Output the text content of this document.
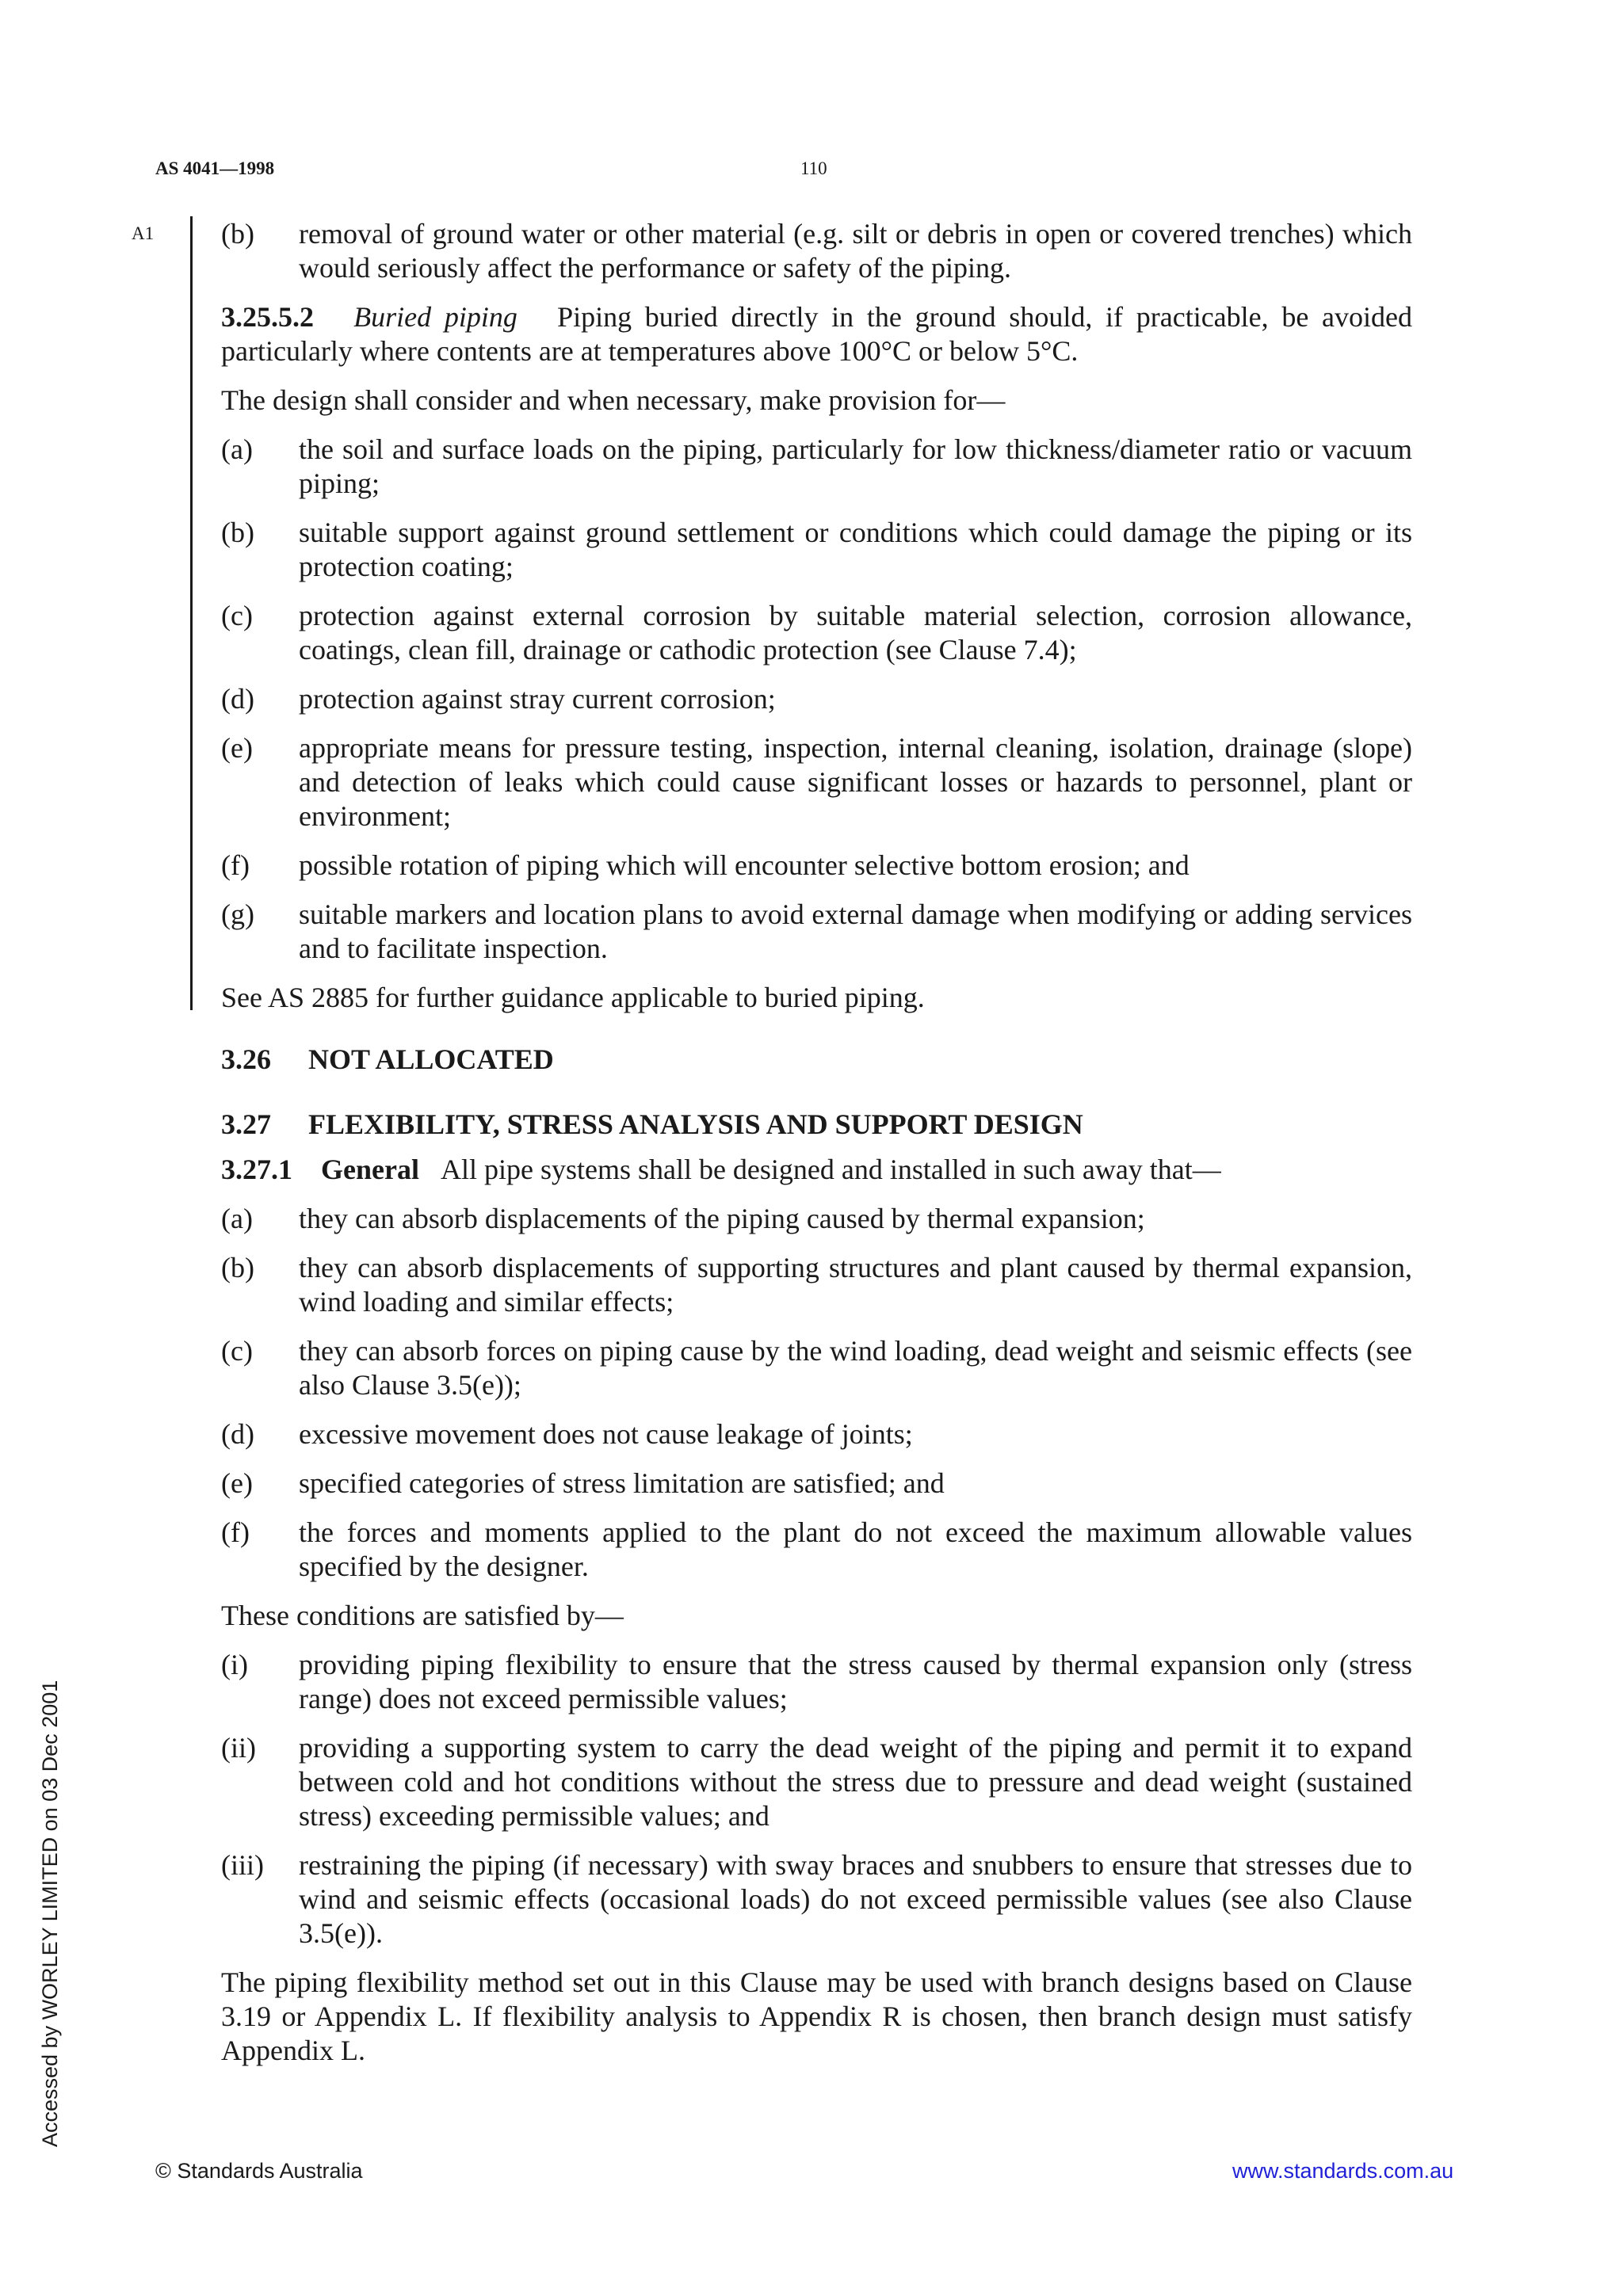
AS 4041—1998	110
A1 (b)	removal of ground water or other material (e.g. silt or debris in open or covered trenches) which would seriously affect the performance or safety of the piping.

3.25.5.2 Buried piping Piping buried directly in the ground should, if practicable, be avoided particularly where contents are at temperatures above 100°C or below 5°C.

The design shall consider and when necessary, make provision for—

(a)	the soil and surface loads on the piping, particularly for low thickness/diameter ratio or vacuum piping;
(b)	suitable support against ground settlement or conditions which could damage the piping or its protection coating;
(c)	protection against external corrosion by suitable material selection, corrosion allowance, coatings, clean fill, drainage or cathodic protection (see Clause 7.4);
(d)	protection against stray current corrosion;
(e)	appropriate means for pressure testing, inspection, internal cleaning, isolation, drainage (slope) and detection of leaks which could cause significant losses or hazards to personnel, plant or environment;
(f)	possible rotation of piping which will encounter selective bottom erosion; and
(g)	suitable markers and location plans to avoid external damage when modifying or adding services and to facilitate inspection.

See AS 2885 for further guidance applicable to buried piping.

3.26 NOT ALLOCATED
3.27 FLEXIBILITY, STRESS ANALYSIS AND SUPPORT DESIGN

3.27.1 General All pipe systems shall be designed and installed in such away that—

(a)	they can absorb displacements of the piping caused by thermal expansion;
(b)	they can absorb displacements of supporting structures and plant caused by thermal expansion, wind loading and similar effects;
(c)	they can absorb forces on piping cause by the wind loading, dead weight and seismic effects (see also Clause 3.5(e));
(d)	excessive movement does not cause leakage of joints;
(e)	specified categories of stress limitation are satisfied; and
(f)	the forces and moments applied to the plant do not exceed the maximum allowable values specified by the designer.

These conditions are satisfied by—

(i)	providing piping flexibility to ensure that the stress caused by thermal expansion only (stress range) does not exceed permissible values;
(ii)	providing a supporting system to carry the dead weight of the piping and permit it to expand between cold and hot conditions without the stress due to pressure and dead weight (sustained stress) exceeding permissible values; and
(iii)	restraining the piping (if necessary) with sway braces and snubbers to ensure that stresses due to wind and seismic effects (occasional loads) do not exceed permissible values (see also Clause 3.5(e)).

The piping flexibility method set out in this Clause may be used with branch designs based on Clause 3.19 or Appendix L. If flexibility analysis to Appendix R is chosen, then branch design must satisfy Appendix L.

Accessed by WORLEY LIMITED on 03 Dec 2001
© Standards Australia	www.standards.com.au
